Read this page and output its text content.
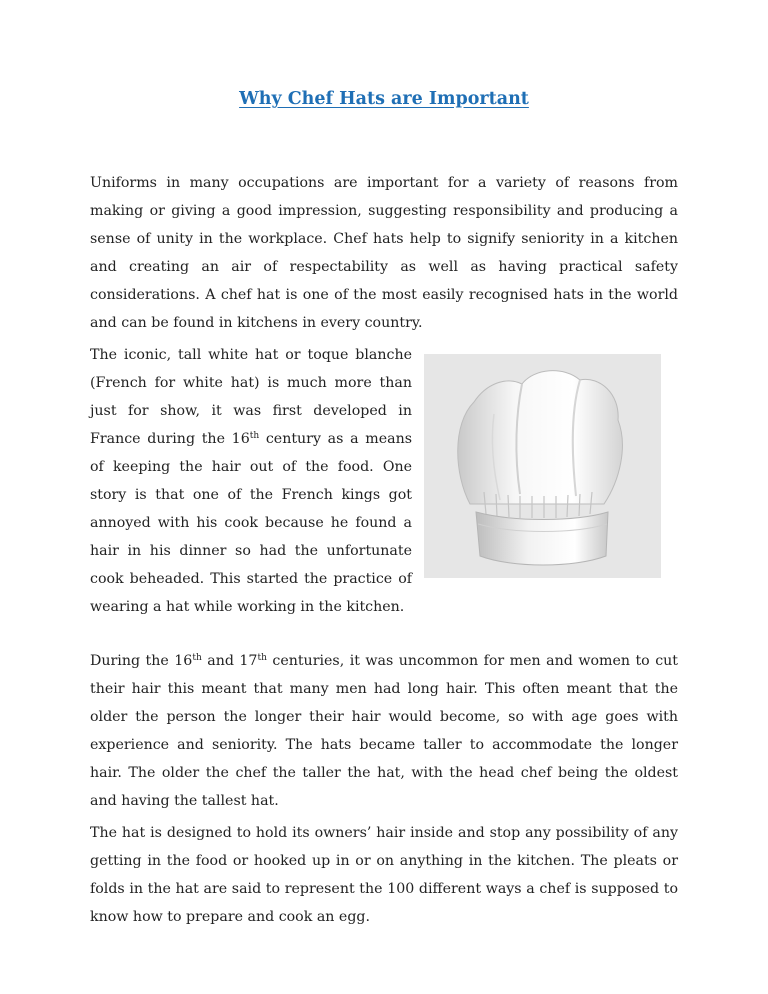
Why Chef Hats are Important

Uniforms in many occupations are important for a variety of reasons from making or giving a good impression, suggesting responsibility and producing a sense of unity in the workplace. Chef hats help to signify seniority in a kitchen and creating an air of respectability as well as having practical safety considerations. A chef hat is one of the most easily recognised hats in the world and can be found in kitchens in every country.

The iconic, tall white hat or toque blanche (French for white hat) is much more than just for show, it was first developed in France during the 16th century as a means of keeping the hair out of the food. One story is that one of the French kings got annoyed with his cook because he found a hair in his dinner so had the unfortunate cook beheaded. This started the practice of wearing a hat while working in the kitchen.

During the 16th and 17th centuries, it was uncommon for men and women to cut their hair this meant that many men had long hair. This often meant that the older the person the longer their hair would become, so with age goes with experience and seniority. The hats became taller to accommodate the longer hair. The older the chef the taller the hat, with the head chef being the oldest and having the tallest hat.

The hat is designed to hold its owners’ hair inside and stop any possibility of any getting in the food or hooked up in or on anything in the kitchen. The pleats or folds in the hat are said to represent the 100 different ways a chef is supposed to know how to prepare and cook an egg.
